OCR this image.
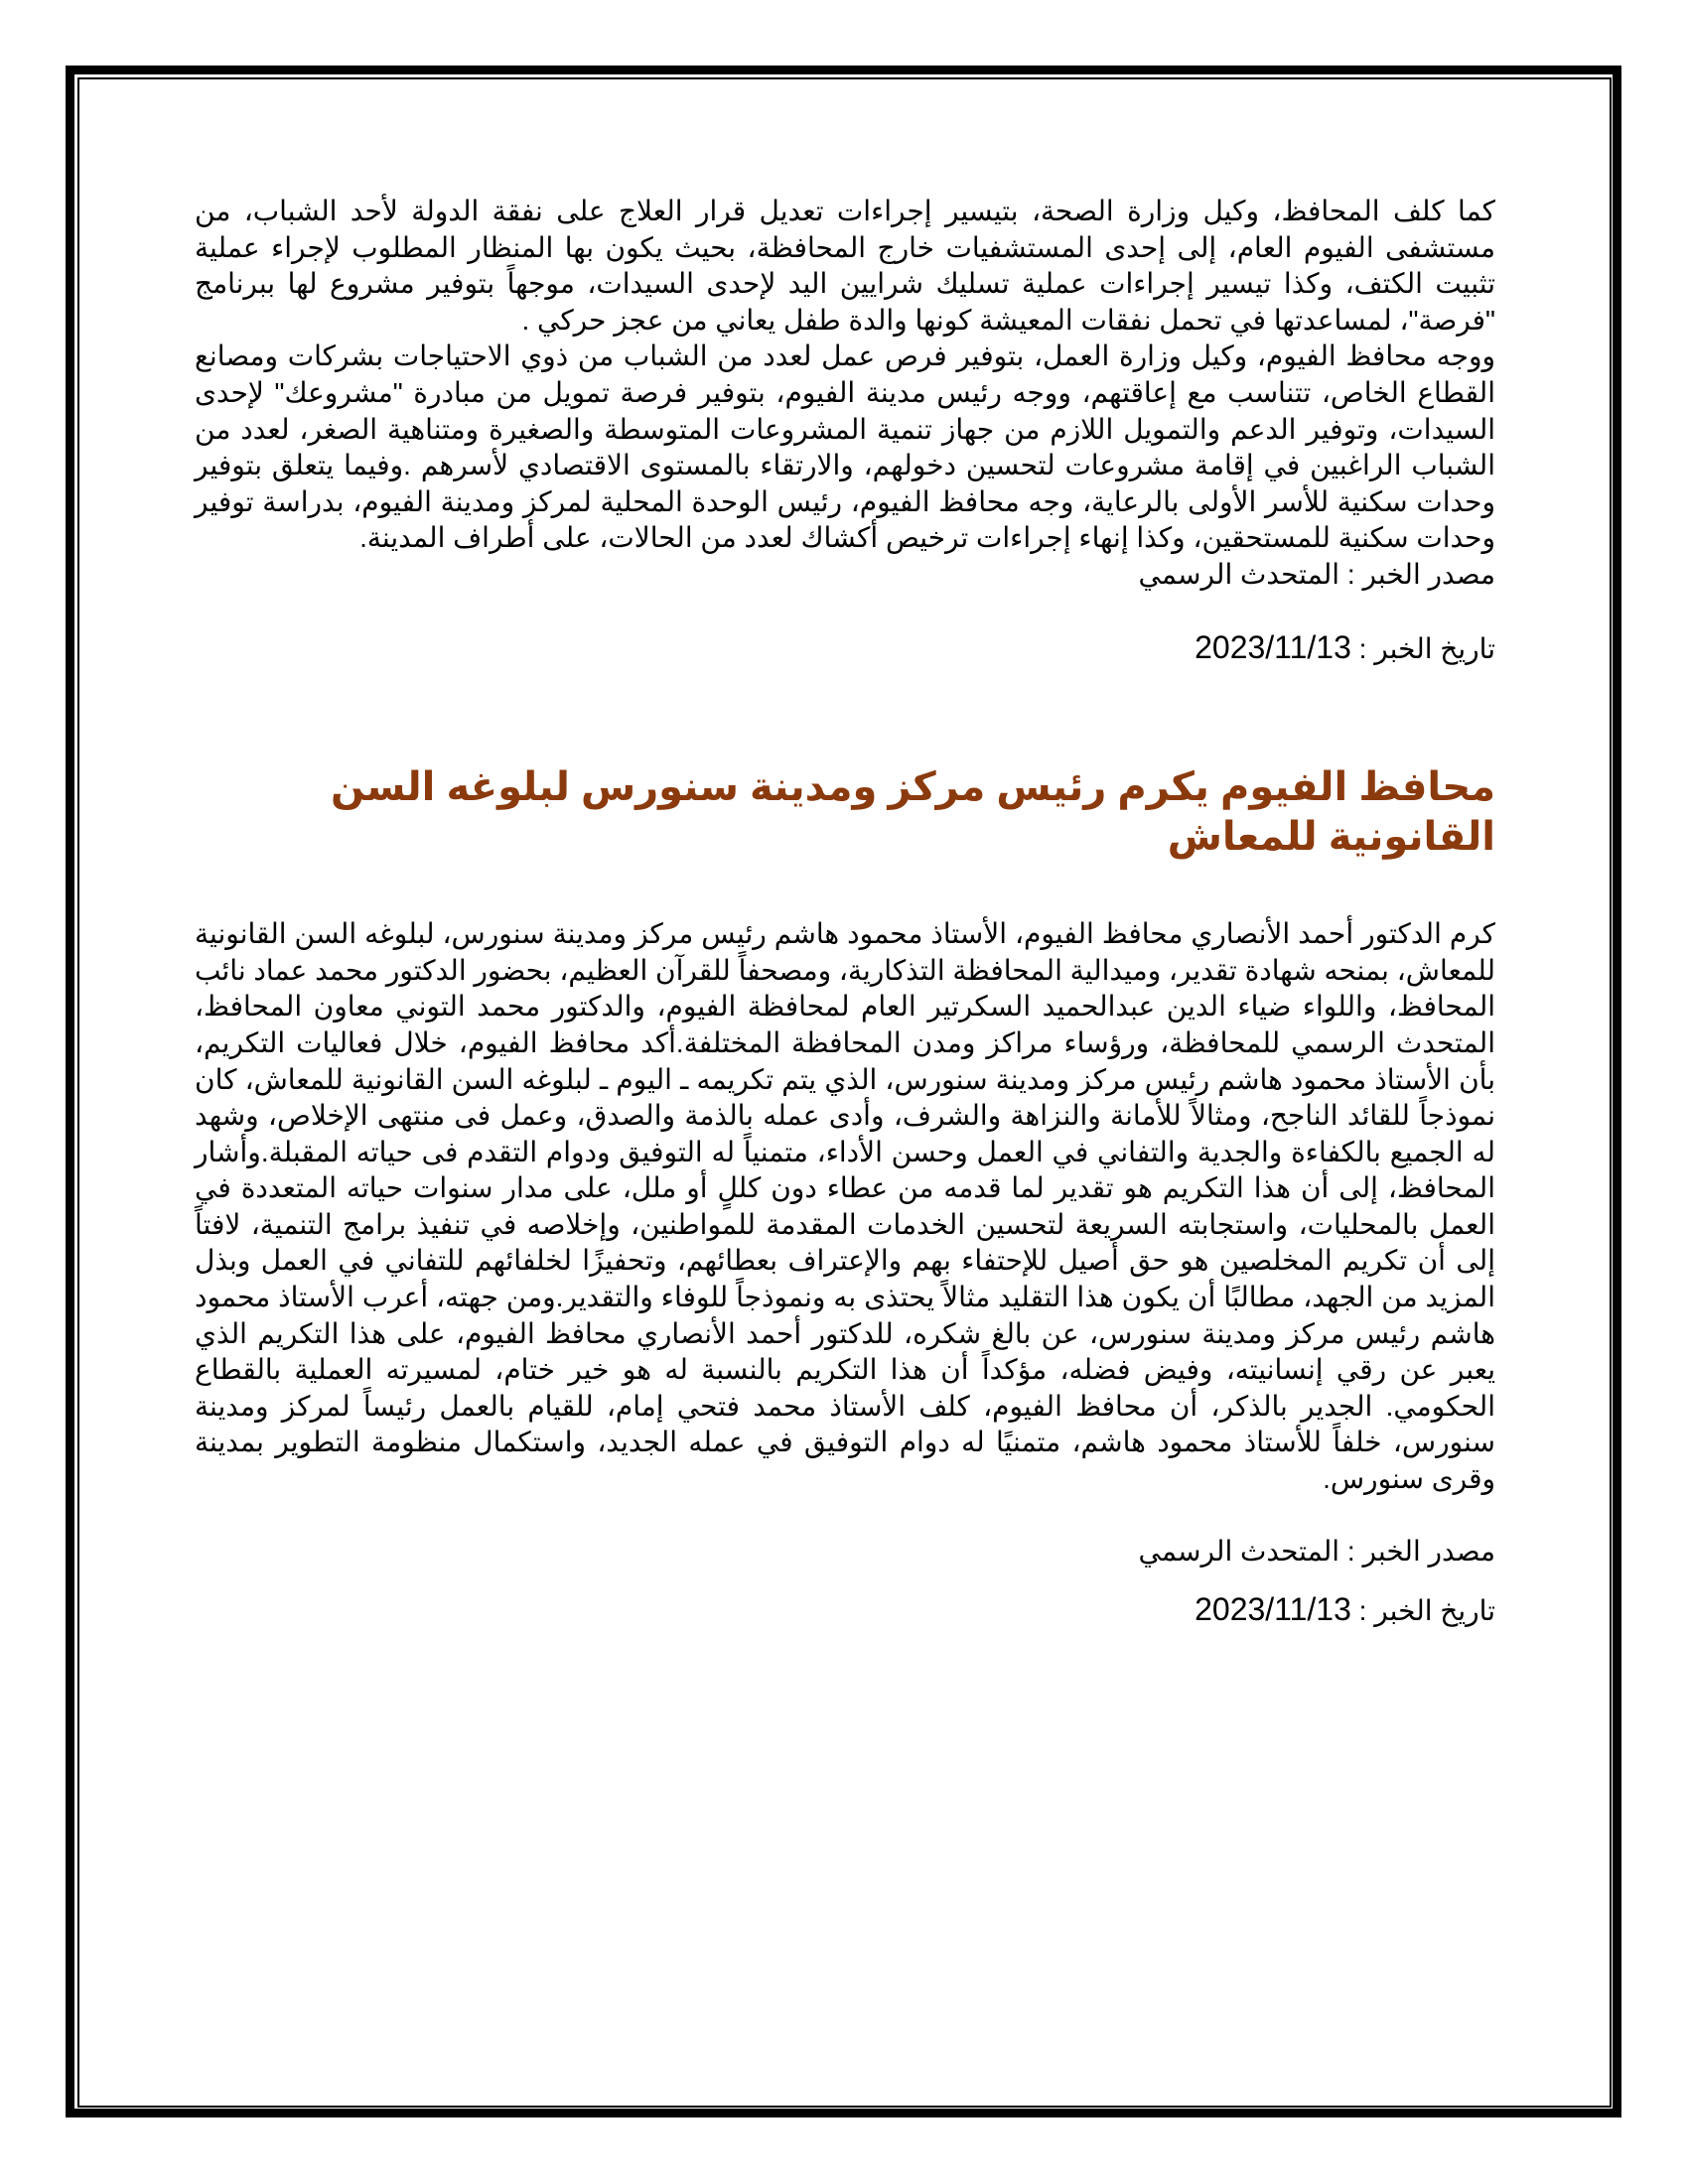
كما كلف المحافظ، وكيل وزارة الصحة، بتيسير إجراءات تعديل قرار العلاج على نفقة الدولة لأحد الشباب، من مستشفى الفيوم العام، إلى إحدى المستشفيات خارج المحافظة، بحيث يكون بها المنظار المطلوب لإجراء عملية تثبيت الكتف، وكذا تيسير إجراءات عملية تسليك شرايين اليد لإحدى السيدات، موجهاً بتوفير مشروع لها ببرنامج "فرصة"، لمساعدتها في تحمل نفقات المعيشة كونها والدة طفل يعاني من عجز حركي .

ووجه محافظ الفيوم، وكيل وزارة العمل، بتوفير فرص عمل لعدد من الشباب من ذوي الاحتياجات بشركات ومصانع القطاع الخاص، تتناسب مع إعاقتهم، ووجه رئيس مدينة الفيوم، بتوفير فرصة تمويل من مبادرة "مشروعك" لإحدى السيدات، وتوفير الدعم والتمويل اللازم من جهاز تنمية المشروعات المتوسطة والصغيرة ومتناهية الصغر، لعدد من الشباب الراغبين في إقامة مشروعات لتحسين دخولهم، والارتقاء بالمستوى الاقتصادي لأسرهم .وفيما يتعلق بتوفير وحدات سكنية للأسر الأولى بالرعاية، وجه محافظ الفيوم، رئيس الوحدة المحلية لمركز ومدينة الفيوم، بدراسة توفير وحدات سكنية للمستحقين، وكذا إنهاء إجراءات ترخيص أكشاك لعدد من الحالات، على أطراف المدينة.

مصدر الخبر : المتحدث الرسمي

تاريخ الخبر : 2023/11/13

محافظ الفيوم يكرم رئيس مركز ومدينة سنورس لبلوغه السن القانونية للمعاش

كرم الدكتور أحمد الأنصاري محافظ الفيوم، الأستاذ محمود هاشم رئيس مركز ومدينة سنورس، لبلوغه السن القانونية للمعاش، بمنحه شهادة تقدير، وميدالية المحافظة التذكارية، ومصحفاً للقرآن العظيم، بحضور الدكتور محمد عماد نائب المحافظ، واللواء ضياء الدين عبدالحميد السكرتير العام لمحافظة الفيوم، والدكتور محمد التوني معاون المحافظ، المتحدث الرسمي للمحافظة، ورؤساء مراكز ومدن المحافظة المختلفة.أكد محافظ الفيوم، خلال فعاليات التكريم، بأن الأستاذ محمود هاشم رئيس مركز ومدينة سنورس، الذي يتم تكريمه ـ اليوم ـ لبلوغه السن القانونية للمعاش، كان نموذجاً للقائد الناجح، ومثالاً للأمانة والنزاهة والشرف، وأدى عمله بالذمة والصدق، وعمل فى منتهى الإخلاص، وشهد له الجميع بالكفاءة والجدية والتفاني في العمل وحسن الأداء، متمنياً له التوفيق ودوام التقدم فى حياته المقبلة.وأشار المحافظ، إلى أن هذا التكريم هو تقدير لما قدمه من عطاء دون كللٍ أو ملل، على مدار سنوات حياته المتعددة في العمل بالمحليات، واستجابته السريعة لتحسين الخدمات المقدمة للمواطنين، وإخلاصه في تنفيذ برامج التنمية، لافتاً إلى أن تكريم المخلصين هو حق أصيل للإحتفاء بهم والإعتراف بعطائهم، وتحفيزًا لخلفائهم للتفاني في العمل وبذل المزيد من الجهد، مطالبًا أن يكون هذا التقليد مثالاً يحتذى به ونموذجاً للوفاء والتقدير.ومن جهته، أعرب الأستاذ محمود هاشم رئيس مركز ومدينة سنورس، عن بالغ شكره، للدكتور أحمد الأنصاري محافظ الفيوم، على هذا التكريم الذي يعبر عن رقي إنسانيته، وفيض فضله، مؤكداً أن هذا التكريم بالنسبة له هو خير ختام، لمسيرته العملية بالقطاع الحكومي. الجدير بالذكر، أن محافظ الفيوم، كلف الأستاذ محمد فتحي إمام، للقيام بالعمل رئيساً لمركز ومدينة سنورس، خلفاً للأستاذ محمود هاشم، متمنيًا له دوام التوفيق في عمله الجديد، واستكمال منظومة التطوير بمدينة وقرى سنورس.

مصدر الخبر : المتحدث الرسمي

تاريخ الخبر : 2023/11/13
